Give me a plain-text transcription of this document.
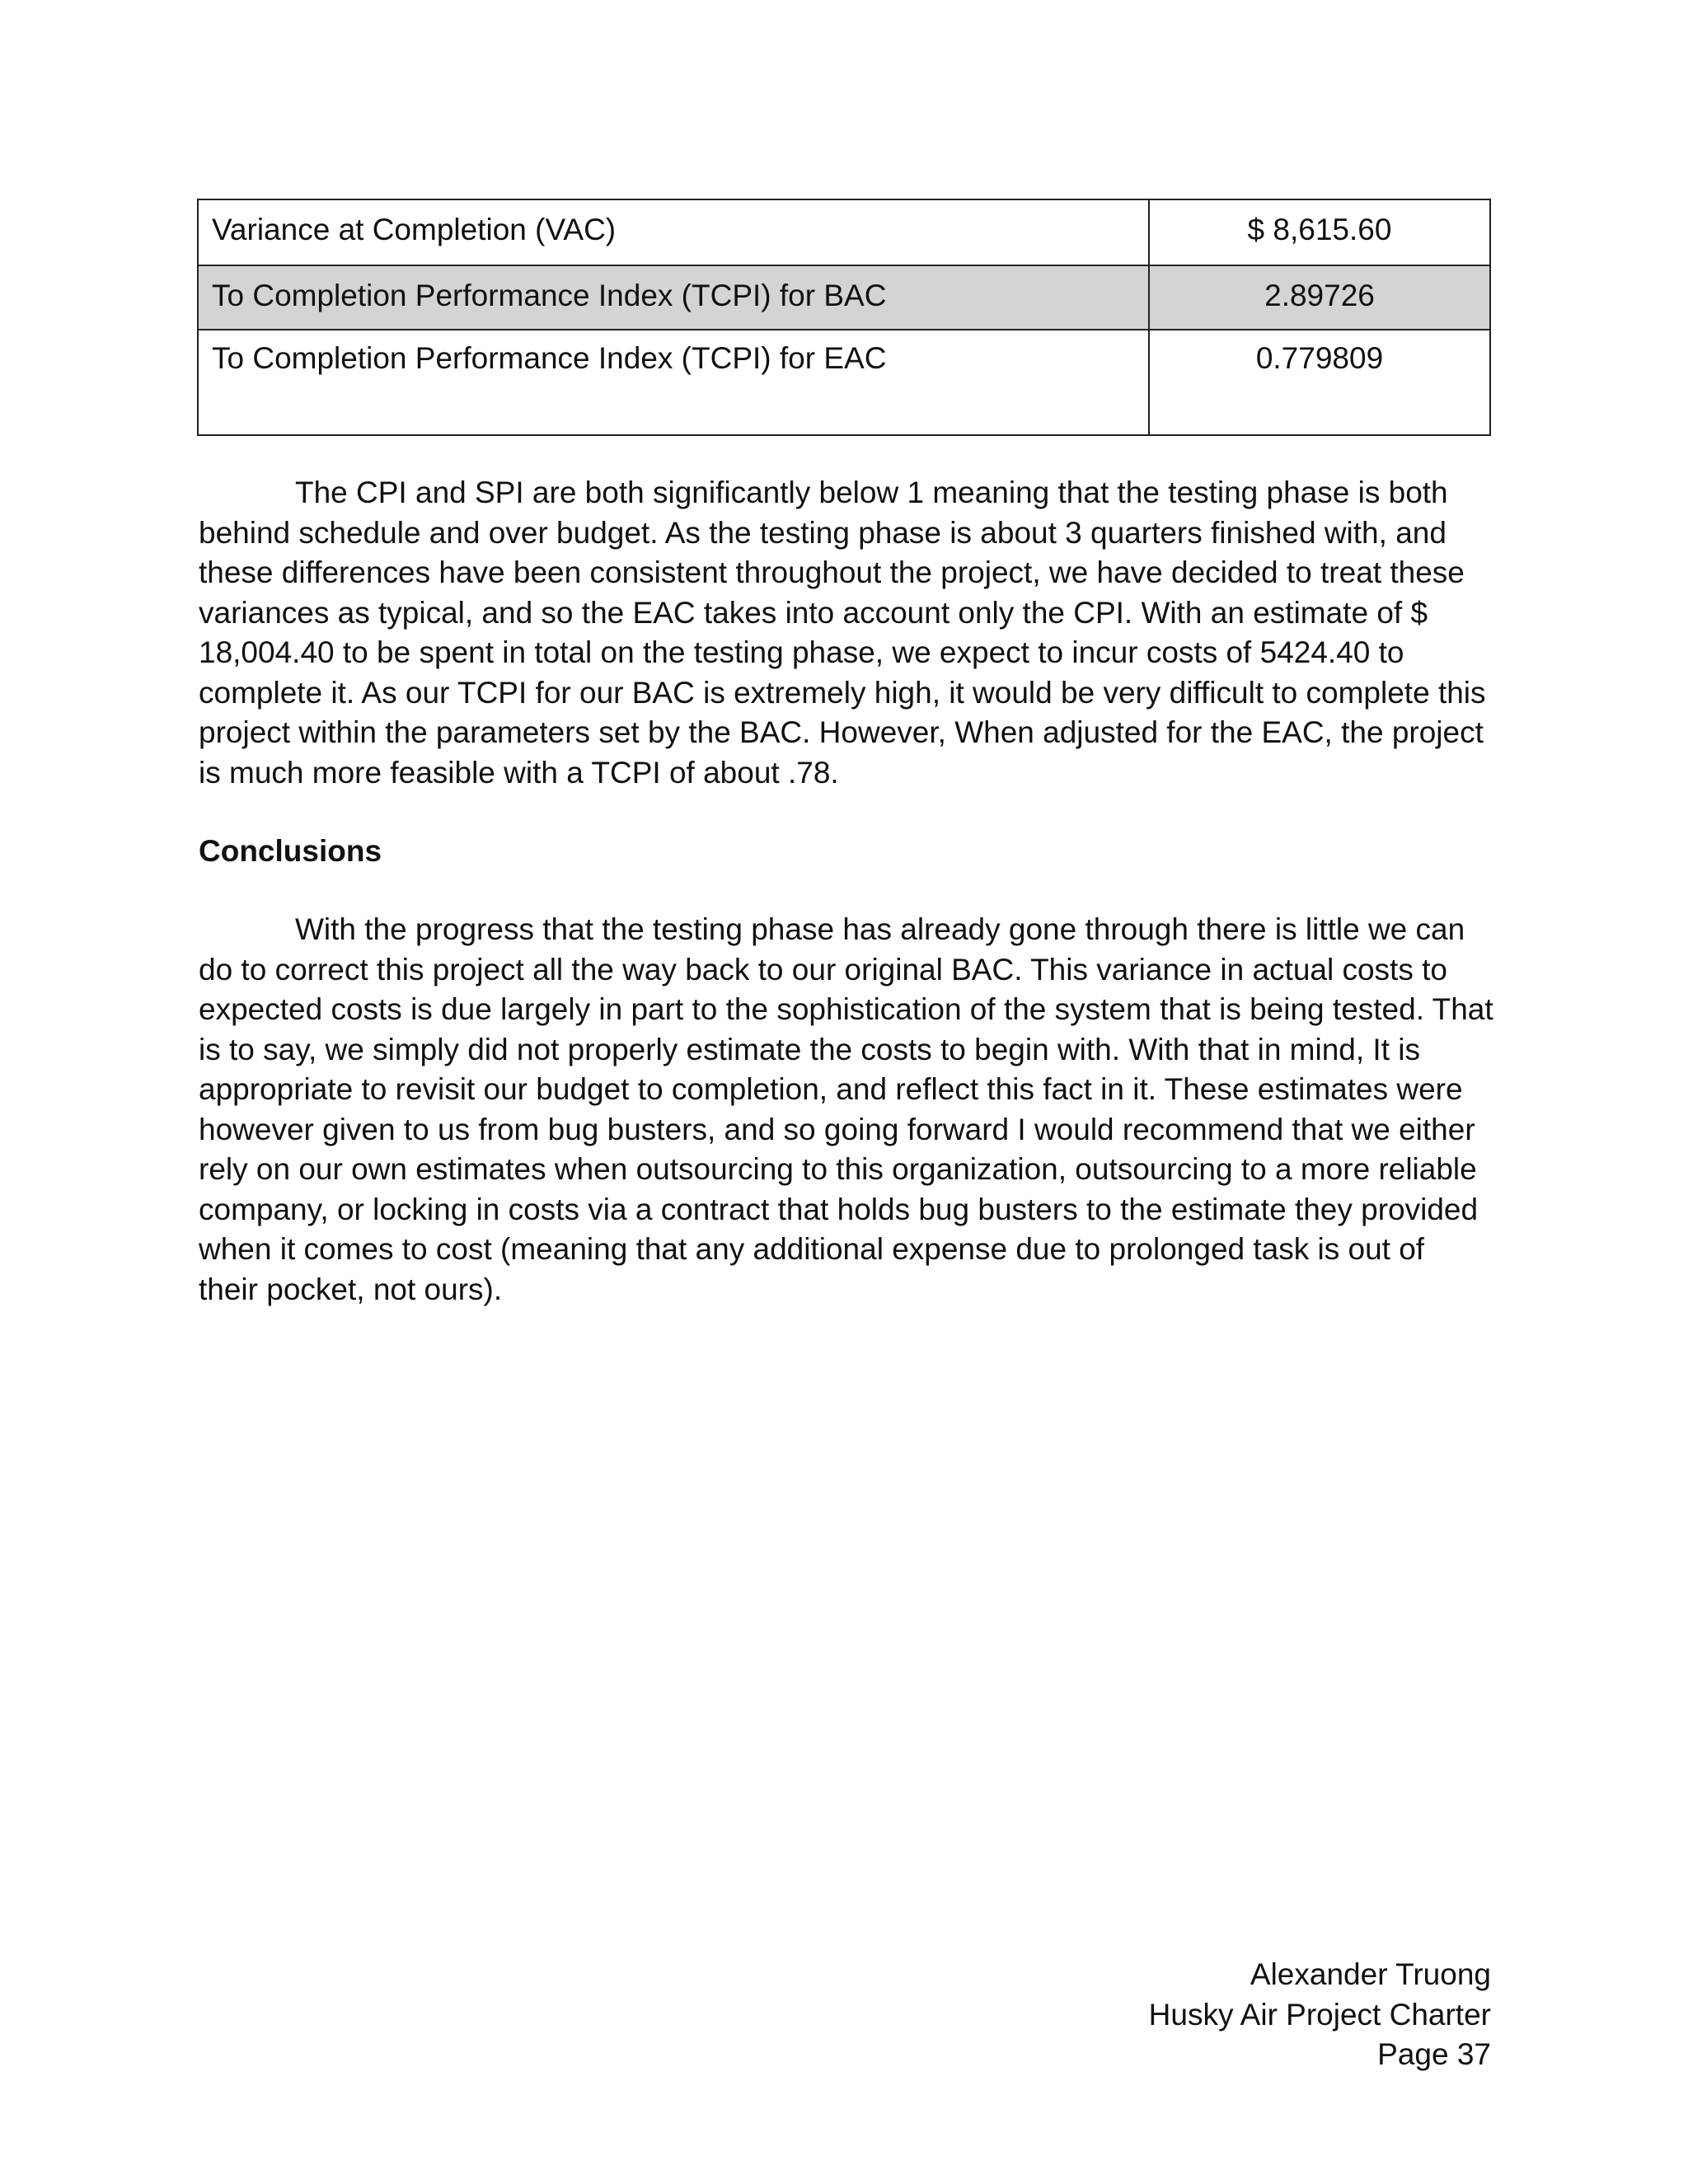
Variance at Completion (VAC)	$ 8,615.60
To Completion Performance Index (TCPI) for BAC	2.89726
To Completion Performance Index (TCPI) for EAC	0.779809
The CPI and SPI are both significantly below 1 meaning that the testing phase is both
behind schedule and over budget. As the testing phase is about 3 quarters finished with, and
these differences have been consistent throughout the project, we have decided to treat these
variances as typical, and so the EAC takes into account only the CPI. With an estimate of $
18,004.40 to be spent in total on the testing phase, we expect to incur costs of 5424.40 to
complete it. As our TCPI for our BAC is extremely high, it would be very difficult to complete this
project within the parameters set by the BAC. However, When adjusted for the EAC, the project
is much more feasible with a TCPI of about .78.
Conclusions
With the progress that the testing phase has already gone through there is little we can
do to correct this project all the way back to our original BAC. This variance in actual costs to
expected costs is due largely in part to the sophistication of the system that is being tested. That
is to say, we simply did not properly estimate the costs to begin with. With that in mind, It is
appropriate to revisit our budget to completion, and reflect this fact in it. These estimates were
however given to us from bug busters, and so going forward I would recommend that we either
rely on our own estimates when outsourcing to this organization, outsourcing to a more reliable
company, or locking in costs via a contract that holds bug busters to the estimate they provided
when it comes to cost (meaning that any additional expense due to prolonged task is out of
their pocket, not ours).
Alexander Truong
Husky Air Project Charter
Page 37
